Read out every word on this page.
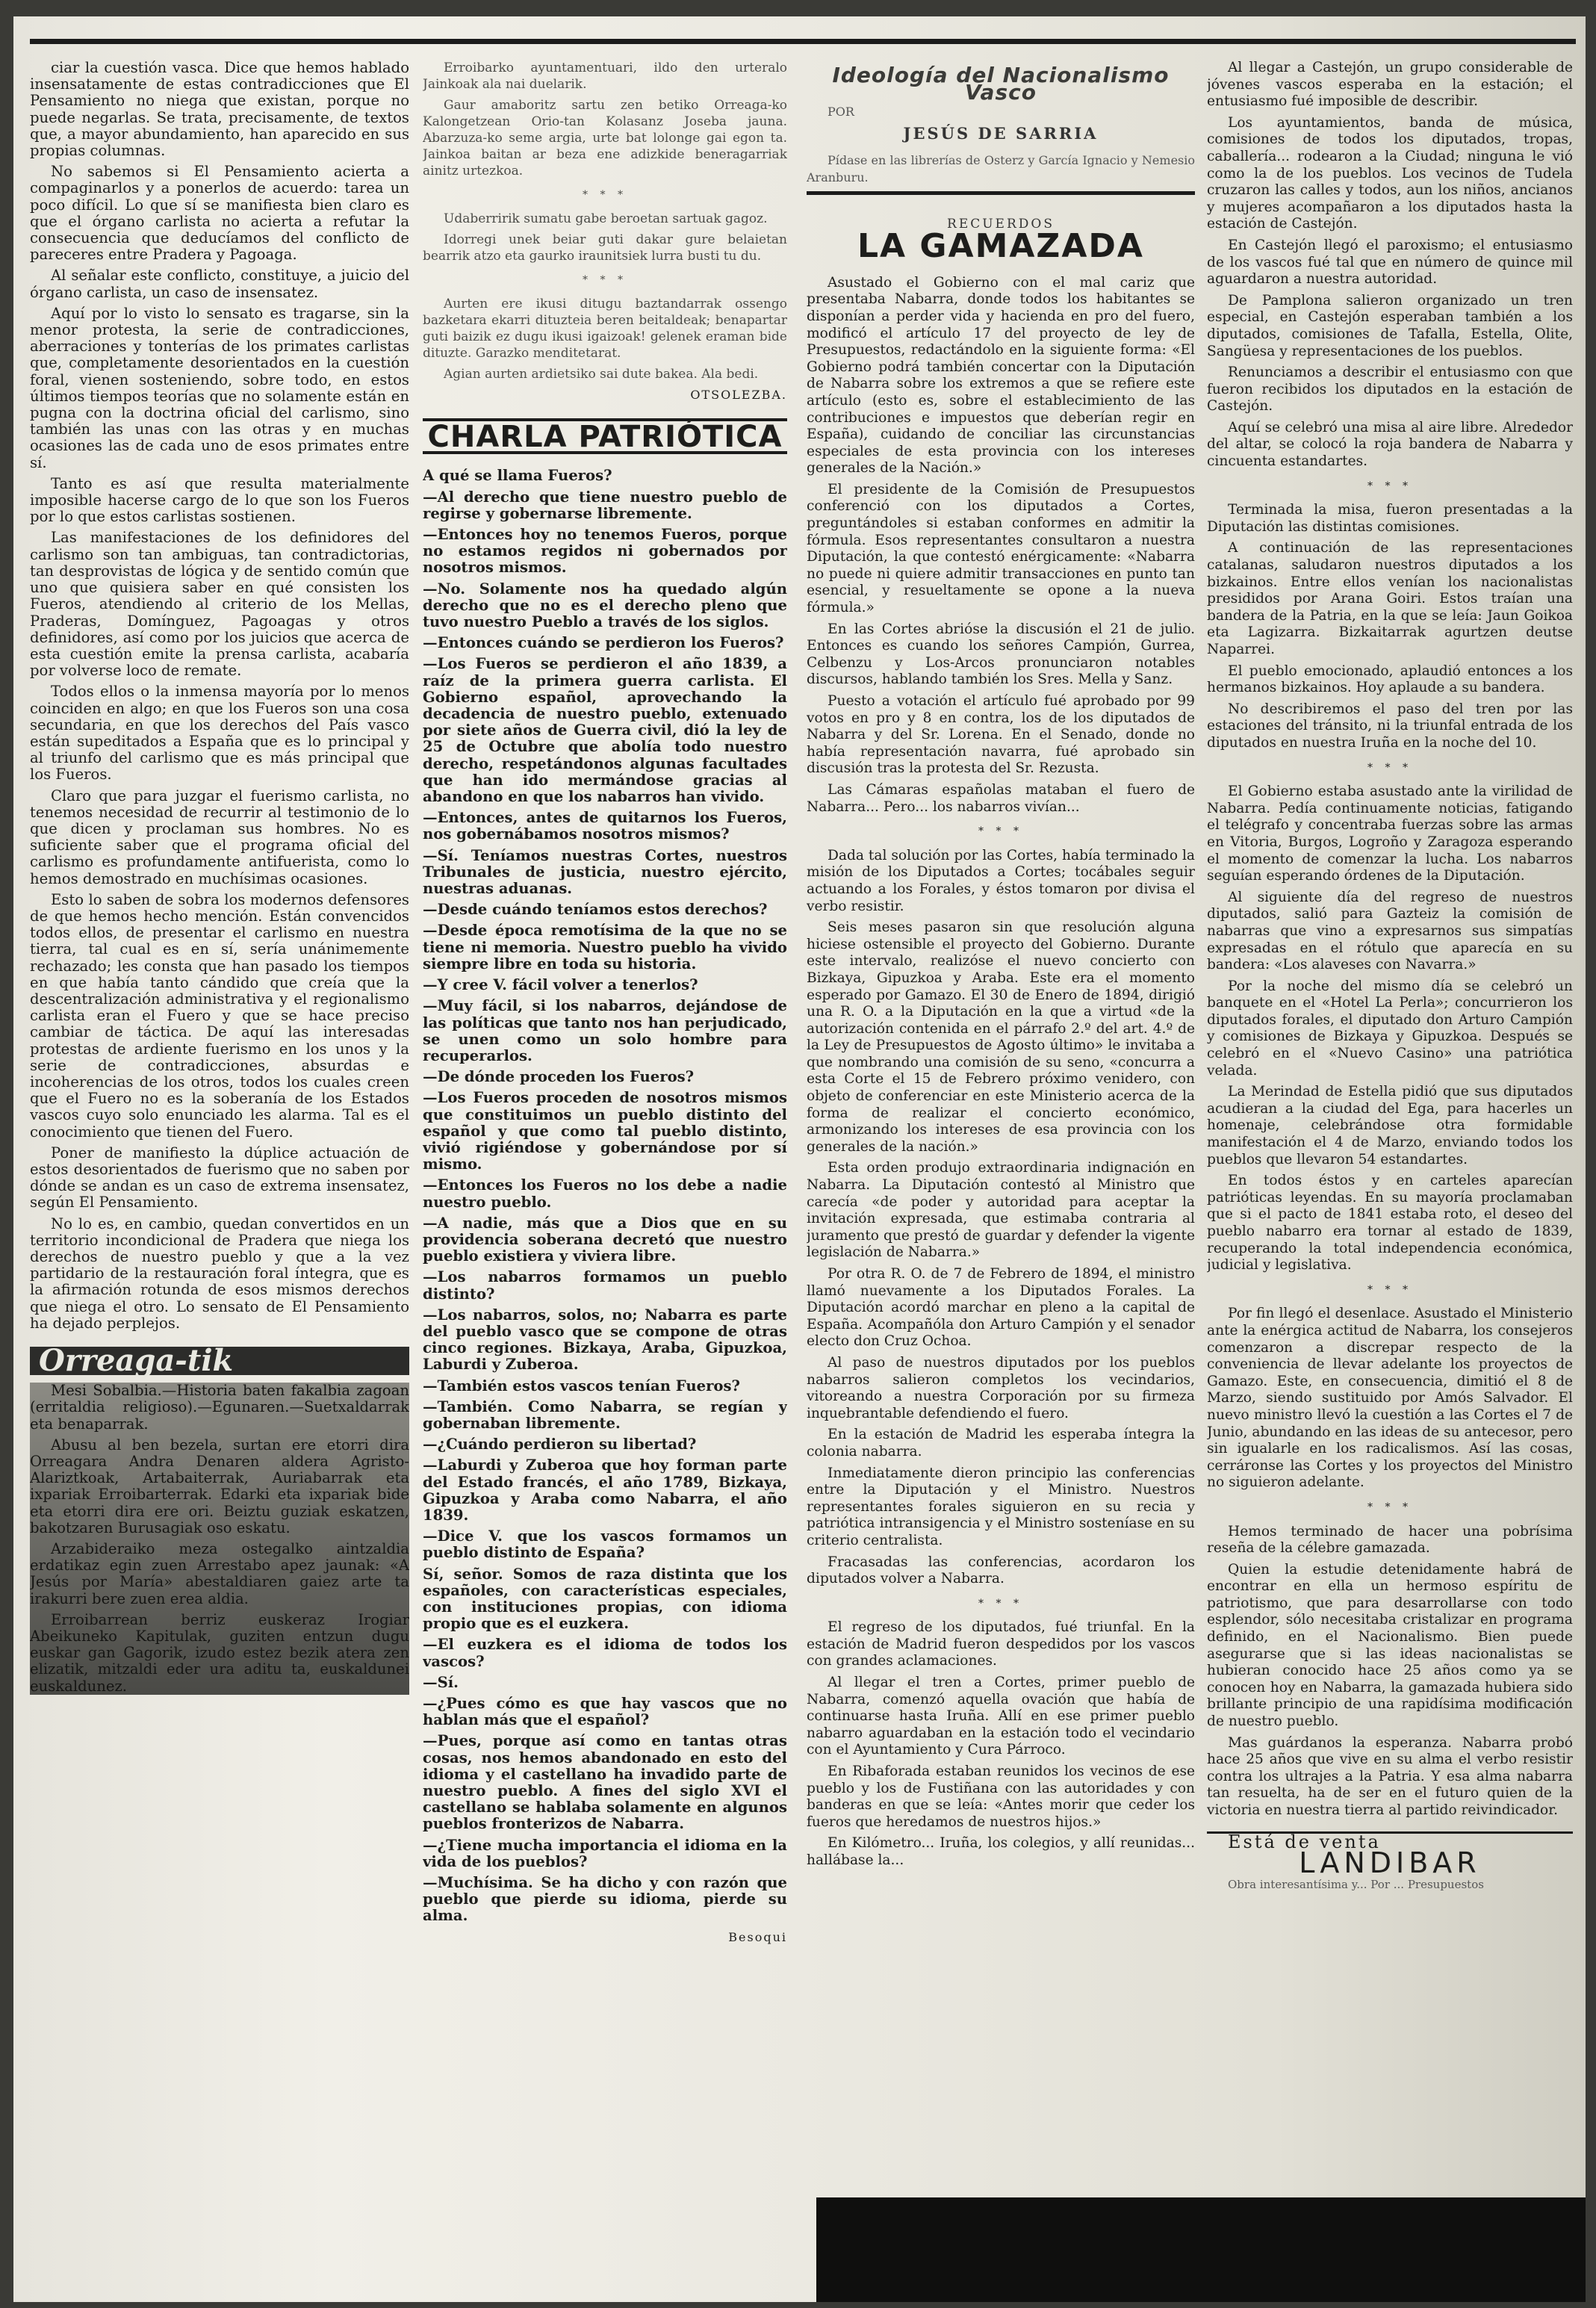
ciar la cuestión vasca. Dice que hemos hablado insensatamente de estas contradicciones que El Pensamiento no niega que existan, porque no puede negarlas. Se trata, precisamente, de textos que, a mayor abundamiento, han aparecido en sus propias columnas.

No sabemos si El Pensamiento acierta a compaginarlos y a ponerlos de acuerdo: tarea un poco difícil. Lo que sí se manifiesta bien claro es que el órgano carlista no acierta a refutar la consecuencia que deducíamos del conflicto de pareceres entre Pradera y Pagoaga.

Al señalar este conflicto, constituye, a juicio del órgano carlista, un caso de insensatez.

Aquí por lo visto lo sensato es tragarse, sin la menor protesta, la serie de contradicciones, aberraciones y tonterías de los primates carlistas que, completamente desorientados en la cuestión foral, vienen sosteniendo, sobre todo, en estos últimos tiempos teorías que no solamente están en pugna con la doctrina oficial del carlismo, sino también las unas con las otras y en muchas ocasiones las de cada uno de esos primates entre sí.

Tanto es así que resulta materialmente imposible hacerse cargo de lo que son los Fueros por lo que estos carlistas sostienen.

Las manifestaciones de los definidores del carlismo son tan ambiguas, tan contradictorias, tan desprovistas de lógica y de sentido común que uno que quisiera saber en qué consisten los Fueros, atendiendo al criterio de los Mellas, Praderas, Domínguez, Pagoagas y otros definidores, así como por los juicios que acerca de esta cuestión emite la prensa carlista, acabaría por volverse loco de remate.

Todos ellos o la inmensa mayoría por lo menos coinciden en algo; en que los Fueros son una cosa secundaria, en que los derechos del País vasco están supeditados a España que es lo principal y al triunfo del carlismo que es más principal que los Fueros.

Claro que para juzgar el fuerismo carlista, no tenemos necesidad de recurrir al testimonio de lo que dicen y proclaman sus hombres. No es suficiente saber que el programa oficial del carlismo es profundamente antifuerista, como lo hemos demostrado en muchísimas ocasiones.

Esto lo saben de sobra los modernos defensores de que hemos hecho mención. Están convencidos todos ellos, de presentar el carlismo en nuestra tierra, tal cual es en sí, sería unánimemente rechazado; les consta que han pasado los tiempos en que había tanto cándido que creía que la descentralización administrativa y el regionalismo carlista eran el Fuero y que se hace preciso cambiar de táctica. De aquí las interesadas protestas de ardiente fuerismo en los unos y la serie de contradicciones, absurdas e incoherencias de los otros, todos los cuales creen que el Fuero no es la soberanía de los Estados vascos cuyo solo enunciado les alarma. Tal es el conocimiento que tienen del Fuero.

Poner de manifiesto la dúplice actuación de estos desorientados de fuerismo que no saben por dónde se andan es un caso de extrema insensatez, según El Pensamiento.

No lo es, en cambio, quedan convertidos en un territorio incondicional de Pradera que niega los derechos de nuestro pueblo y que a la vez partidario de la restauración foral íntegra, que es la afirmación rotunda de esos mismos derechos que niega el otro. Lo sensato de El Pensamiento ha dejado perplejos.

Orreaga-tik

Mesi Sobalbia.—Historia baten fakalbia zagoan (erritaldia religioso).—Egunaren.—Suetxaldarrak eta benaparrak.

Abusu al ben bezela, surtan ere etorri dira Orreagara Andra Denaren aldera Agristo-Alariztkoak, Artabaiterrak, Auriabarrak eta ixpariak Erroibarterrak. Edarki eta ixpariak bide eta etorri dira ere ori. Beiztu guziak eskatzen, bakotzaren Burusagiak oso eskatu.

Arzabideraiko meza ostegalko aintzaldia erdatikaz egin zuen Arrestabo apez jaunak: «A Jesús por María» abestaldiaren gaiez arte ta irakurri bere zuen erea aldia.

Erroibarrean berriz euskeraz Irogiar Abeikuneko Kapitulak, guziten entzun dugu euskar gan Gagorik, izudo estez bezik atera zen elizatik, mitzaldi eder ura aditu ta, euskaldunei euskaldunez.

Erroibarko ayuntamentuari, ildo den urteralo Jainkoak ala nai duelarik.

Gaur amaboritz sartu zen betiko Orreaga-ko Kalongetzean Orio-tan Kolasanz Joseba jauna. Abarzuza-ko seme argia, urte bat lolonge gai egon ta. Jainkoa baitan ar beza ene adizkide beneragarriak ainitz urtezkoa.

* * *

Udaberririk sumatu gabe beroetan sartuak gagoz.

Idorregi unek beiar guti dakar gure belaietan bearrik atzo eta gaurko iraunitsiek lurra busti tu du.

* * *

Aurten ere ikusi ditugu baztandarrak ossengo bazketara ekarri dituzteia beren beitaldeak; benapartar guti baizik ez dugu ikusi igaizoak! gelenek eraman bide dituzte. Garazko menditetarat.

Agian aurten ardietsiko sai dute bakea. Ala bedi.

OTSOLEZBA.
CHARLA PATRIÓTICA

A qué se llama Fueros?

—Al derecho que tiene nuestro pueblo de regirse y gobernarse libremente.

—Entonces hoy no tenemos Fueros, porque no estamos regidos ni gobernados por nosotros mismos.

—No. Solamente nos ha quedado algún derecho que no es el derecho pleno que tuvo nuestro Pueblo a través de los siglos.

—Entonces cuándo se perdieron los Fueros?

—Los Fueros se perdieron el año 1839, a raíz de la primera guerra carlista. El Gobierno español, aprovechando la decadencia de nuestro pueblo, extenuado por siete años de Guerra civil, dió la ley de 25 de Octubre que abolía todo nuestro derecho, respetándonos algunas facultades que han ido mermándose gracias al abandono en que los nabarros han vivido.

—Entonces, antes de quitarnos los Fueros, nos gobernábamos nosotros mismos?

—Sí. Teníamos nuestras Cortes, nuestros Tribunales de justicia, nuestro ejército, nuestras aduanas.

—Desde cuándo teníamos estos derechos?

—Desde época remotísima de la que no se tiene ni memoria. Nuestro pueblo ha vivido siempre libre en toda su historia.

—Y cree V. fácil volver a tenerlos?

—Muy fácil, si los nabarros, dejándose de las políticas que tanto nos han perjudicado, se unen como un solo hombre para recuperarlos.

—De dónde proceden los Fueros?

—Los Fueros proceden de nosotros mismos que constituimos un pueblo distinto del español y que como tal pueblo distinto, vivió rigiéndose y gobernándose por sí mismo.

—Entonces los Fueros no los debe a nadie nuestro pueblo.

—A nadie, más que a Dios que en su providencia soberana decretó que nuestro pueblo existiera y viviera libre.

—Los nabarros formamos un pueblo distinto?

—Los nabarros, solos, no; Nabarra es parte del pueblo vasco que se compone de otras cinco regiones. Bizkaya, Araba, Gipuzkoa, Laburdi y Zuberoa.

—También estos vascos tenían Fueros?

—También. Como Nabarra, se regían y gobernaban libremente.

—¿Cuándo perdieron su libertad?

—Laburdi y Zuberoa que hoy forman parte del Estado francés, el año 1789, Bizkaya, Gipuzkoa y Araba como Nabarra, el año 1839.

—Dice V. que los vascos formamos un pueblo distinto de España?

Sí, señor. Somos de raza distinta que los españoles, con características especiales, con instituciones propias, con idioma propio que es el euzkera.

—El euzkera es el idioma de todos los vascos?

—Sí.

—¿Pues cómo es que hay vascos que no hablan más que el español?

—Pues, porque así como en tantas otras cosas, nos hemos abandonado en esto del idioma y el castellano ha invadido parte de nuestro pueblo. A fines del siglo XVI el castellano se hablaba solamente en algunos pueblos fronterizos de Nabarra.

—¿Tiene mucha importancia el idioma en la vida de los pueblos?

—Muchísima. Se ha dicho y con razón que pueblo que pierde su idioma, pierde su alma.

Besoqui
Ideología del Nacionalismo Vasco

POR

JESÚS DE SARRIA

Pídase en las librerías de Osterz y García Ignacio y Nemesio Aranburu.

RECUERDOS
LA GAMAZADA

Asustado el Gobierno con el mal cariz que presentaba Nabarra, donde todos los habitantes se disponían a perder vida y hacienda en pro del fuero, modificó el artículo 17 del proyecto de ley de Presupuestos, redactándolo en la siguiente forma: «El Gobierno podrá también concertar con la Diputación de Nabarra sobre los extremos a que se refiere este artículo (esto es, sobre el establecimiento de las contribuciones e impuestos que deberían regir en España), cuidando de conciliar las circunstancias especiales de esta provincia con los intereses generales de la Nación.»

El presidente de la Comisión de Presupuestos conferenció con los diputados a Cortes, preguntándoles si estaban conformes en admitir la fórmula. Esos representantes consultaron a nuestra Diputación, la que contestó enérgicamente: «Nabarra no puede ni quiere admitir transacciones en punto tan esencial, y resueltamente se opone a la nueva fórmula.»

En las Cortes abrióse la discusión el 21 de julio. Entonces es cuando los señores Campión, Gurrea, Celbenzu y Los-Arcos pronunciaron notables discursos, hablando también los Sres. Mella y Sanz.

Puesto a votación el artículo fué aprobado por 99 votos en pro y 8 en contra, los de los diputados de Nabarra y del Sr. Lorena. En el Senado, donde no había representación navarra, fué aprobado sin discusión tras la protesta del Sr. Rezusta.

Las Cámaras españolas mataban el fuero de Nabarra... Pero... los nabarros vivían...

* * *

Dada tal solución por las Cortes, había terminado la misión de los Diputados a Cortes; tocábales seguir actuando a los Forales, y éstos tomaron por divisa el verbo resistir.

Seis meses pasaron sin que resolución alguna hiciese ostensible el proyecto del Gobierno. Durante este intervalo, realizóse el nuevo concierto con Bizkaya, Gipuzkoa y Araba. Este era el momento esperado por Gamazo. El 30 de Enero de 1894, dirigió una R. O. a la Diputación en la que a virtud «de la autorización contenida en el párrafo 2.º del art. 4.º de la Ley de Presupuestos de Agosto último» le invitaba a que nombrando una comisión de su seno, «concurra a esta Corte el 15 de Febrero próximo venidero, con objeto de conferenciar en este Ministerio acerca de la forma de realizar el concierto económico, armonizando los intereses de esa provincia con los generales de la nación.»

Esta orden produjo extraordinaria indignación en Nabarra. La Diputación contestó al Ministro que carecía «de poder y autoridad para aceptar la invitación expresada, que estimaba contraria al juramento que prestó de guardar y defender la vigente legislación de Nabarra.»

Por otra R. O. de 7 de Febrero de 1894, el ministro llamó nuevamente a los Diputados Forales. La Diputación acordó marchar en pleno a la capital de España. Acompañóla don Arturo Campión y el senador electo don Cruz Ochoa.

Al paso de nuestros diputados por los pueblos nabarros salieron completos los vecindarios, vitoreando a nuestra Corporación por su firmeza inquebrantable defendiendo el fuero.

En la estación de Madrid les esperaba íntegra la colonia nabarra.

Inmediatamente dieron principio las conferencias entre la Diputación y el Ministro. Nuestros representantes forales siguieron en su recia y patriótica intransigencia y el Ministro sosteníase en su criterio centralista.

Fracasadas las conferencias, acordaron los diputados volver a Nabarra.

* * *

El regreso de los diputados, fué triunfal. En la estación de Madrid fueron despedidos por los vascos con grandes aclamaciones.

Al llegar el tren a Cortes, primer pueblo de Nabarra, comenzó aquella ovación que había de continuarse hasta Iruña. Allí en ese primer pueblo nabarro aguardaban en la estación todo el vecindario con el Ayuntamiento y Cura Párroco.

En Ribaforada estaban reunidos los vecinos de ese pueblo y los de Fustiñana con las autoridades y con banderas en que se leía: «Antes morir que ceder los fueros que heredamos de nuestros hijos.»

En Kilómetro... Iruña, los colegios, y allí reunidas... hallábase la...

Al llegar a Castejón, un grupo considerable de jóvenes vascos esperaba en la estación; el entusiasmo fué imposible de describir.

Los ayuntamientos, banda de música, comisiones de todos los diputados, tropas, caballería... rodearon a la Ciudad; ninguna le vió como la de los pueblos. Los vecinos de Tudela cruzaron las calles y todos, aun los niños, ancianos y mujeres acompañaron a los diputados hasta la estación de Castejón.

En Castejón llegó el paroxismo; el entusiasmo de los vascos fué tal que en número de quince mil aguardaron a nuestra autoridad.

De Pamplona salieron organizado un tren especial, en Castejón esperaban también a los diputados, comisiones de Tafalla, Estella, Olite, Sangüesa y representaciones de los pueblos.

Renunciamos a describir el entusiasmo con que fueron recibidos los diputados en la estación de Castejón.

Aquí se celebró una misa al aire libre. Alrededor del altar, se colocó la roja bandera de Nabarra y cincuenta estandartes.

* * *

Terminada la misa, fueron presentadas a la Diputación las distintas comisiones.

A continuación de las representaciones catalanas, saludaron nuestros diputados a los bizkainos. Entre ellos venían los nacionalistas presididos por Arana Goiri. Estos traían una bandera de la Patria, en la que se leía: Jaun Goikoa eta Lagizarra. Bizkaitarrak agurtzen deutse Naparrei.

El pueblo emocionado, aplaudió entonces a los hermanos bizkainos. Hoy aplaude a su bandera.

No describiremos el paso del tren por las estaciones del tránsito, ni la triunfal entrada de los diputados en nuestra Iruña en la noche del 10.

* * *

El Gobierno estaba asustado ante la virilidad de Nabarra. Pedía continuamente noticias, fatigando el telégrafo y concentraba fuerzas sobre las armas en Vitoria, Burgos, Logroño y Zaragoza esperando el momento de comenzar la lucha. Los nabarros seguían esperando órdenes de la Diputación.

Al siguiente día del regreso de nuestros diputados, salió para Gazteiz la comisión de nabarras que vino a expresarnos sus simpatías expresadas en el rótulo que aparecía en su bandera: «Los alaveses con Navarra.»

Por la noche del mismo día se celebró un banquete en el «Hotel La Perla»; concurrieron los diputados forales, el diputado don Arturo Campión y comisiones de Bizkaya y Gipuzkoa. Después se celebró en el «Nuevo Casino» una patriótica velada.

La Merindad de Estella pidió que sus diputados acudieran a la ciudad del Ega, para hacerles un homenaje, celebrándose otra formidable manifestación el 4 de Marzo, enviando todos los pueblos que llevaron 54 estandartes.

En todos éstos y en carteles aparecían patrióticas leyendas. En su mayoría proclamaban que si el pacto de 1841 estaba roto, el deseo del pueblo nabarro era tornar al estado de 1839, recuperando la total independencia económica, judicial y legislativa.

* * *

Por fin llegó el desenlace. Asustado el Ministerio ante la enérgica actitud de Nabarra, los consejeros comenzaron a discrepar respecto de la conveniencia de llevar adelante los proyectos de Gamazo. Este, en consecuencia, dimitió el 8 de Marzo, siendo sustituido por Amós Salvador. El nuevo ministro llevó la cuestión a las Cortes el 7 de Junio, abundando en las ideas de su antecesor, pero sin igualarle en los radicalismos. Así las cosas, cerráronse las Cortes y los proyectos del Ministro no siguieron adelante.

* * *

Hemos terminado de hacer una pobrísima reseña de la célebre gamazada.

Quien la estudie detenidamente habrá de encontrar en ella un hermoso espíritu de patriotismo, que para desarrollarse con todo esplendor, sólo necesitaba cristalizar en programa definido, en el Nacionalismo. Bien puede asegurarse que si las ideas nacionalistas se hubieran conocido hace 25 años como ya se conocen hoy en Nabarra, la gamazada hubiera sido brillante principio de una rapidísima modificación de nuestro pueblo.

Mas guárdanos la esperanza. Nabarra probó hace 25 años que vive en su alma el verbo resistir contra los ultrajes a la Patria. Y esa alma nabarra tan resuelta, ha de ser en el futuro quien de la victoria en nuestra tierra al partido reivindicador.

Está de venta

LANDIBAR

Obra interesantísima y... Por ... Presupuestos
